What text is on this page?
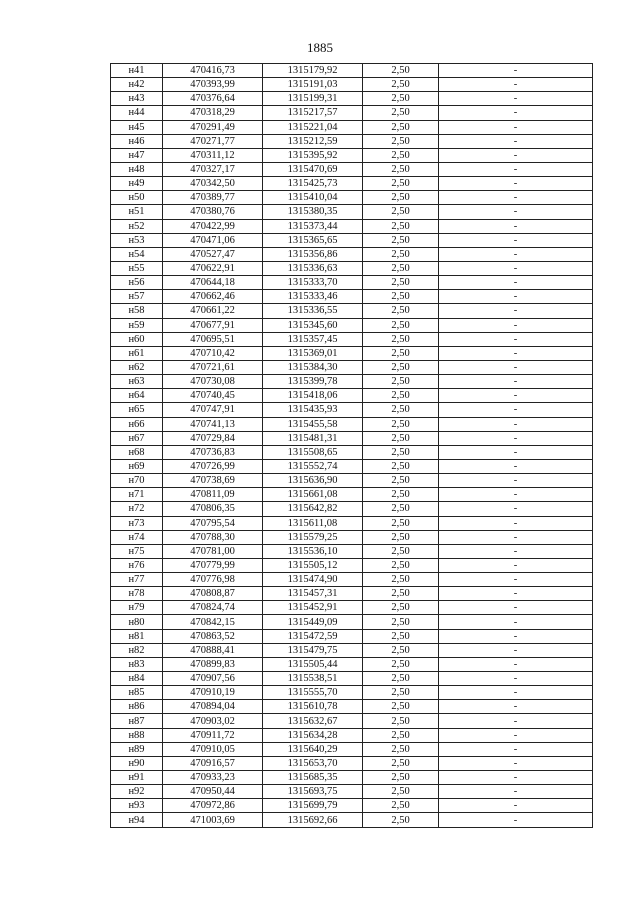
1885
н41	470416,73	1315179,92	2,50	-
н42	470393,99	1315191,03	2,50	-
н43	470376,64	1315199,31	2,50	-
н44	470318,29	1315217,57	2,50	-
н45	470291,49	1315221,04	2,50	-
н46	470271,77	1315212,59	2,50	-
н47	470311,12	1315395,92	2,50	-
н48	470327,17	1315470,69	2,50	-
н49	470342,50	1315425,73	2,50	-
н50	470389,77	1315410,04	2,50	-
н51	470380,76	1315380,35	2,50	-
н52	470422,99	1315373,44	2,50	-
н53	470471,06	1315365,65	2,50	-
н54	470527,47	1315356,86	2,50	-
н55	470622,91	1315336,63	2,50	-
н56	470644,18	1315333,70	2,50	-
н57	470662,46	1315333,46	2,50	-
н58	470661,22	1315336,55	2,50	-
н59	470677,91	1315345,60	2,50	-
н60	470695,51	1315357,45	2,50	-
н61	470710,42	1315369,01	2,50	-
н62	470721,61	1315384,30	2,50	-
н63	470730,08	1315399,78	2,50	-
н64	470740,45	1315418,06	2,50	-
н65	470747,91	1315435,93	2,50	-
н66	470741,13	1315455,58	2,50	-
н67	470729,84	1315481,31	2,50	-
н68	470736,83	1315508,65	2,50	-
н69	470726,99	1315552,74	2,50	-
н70	470738,69	1315636,90	2,50	-
н71	470811,09	1315661,08	2,50	-
н72	470806,35	1315642,82	2,50	-
н73	470795,54	1315611,08	2,50	-
н74	470788,30	1315579,25	2,50	-
н75	470781,00	1315536,10	2,50	-
н76	470779,99	1315505,12	2,50	-
н77	470776,98	1315474,90	2,50	-
н78	470808,87	1315457,31	2,50	-
н79	470824,74	1315452,91	2,50	-
н80	470842,15	1315449,09	2,50	-
н81	470863,52	1315472,59	2,50	-
н82	470888,41	1315479,75	2,50	-
н83	470899,83	1315505,44	2,50	-
н84	470907,56	1315538,51	2,50	-
н85	470910,19	1315555,70	2,50	-
н86	470894,04	1315610,78	2,50	-
н87	470903,02	1315632,67	2,50	-
н88	470911,72	1315634,28	2,50	-
н89	470910,05	1315640,29	2,50	-
н90	470916,57	1315653,70	2,50	-
н91	470933,23	1315685,35	2,50	-
н92	470950,44	1315693,75	2,50	-
н93	470972,86	1315699,79	2,50	-
н94	471003,69	1315692,66	2,50	-
